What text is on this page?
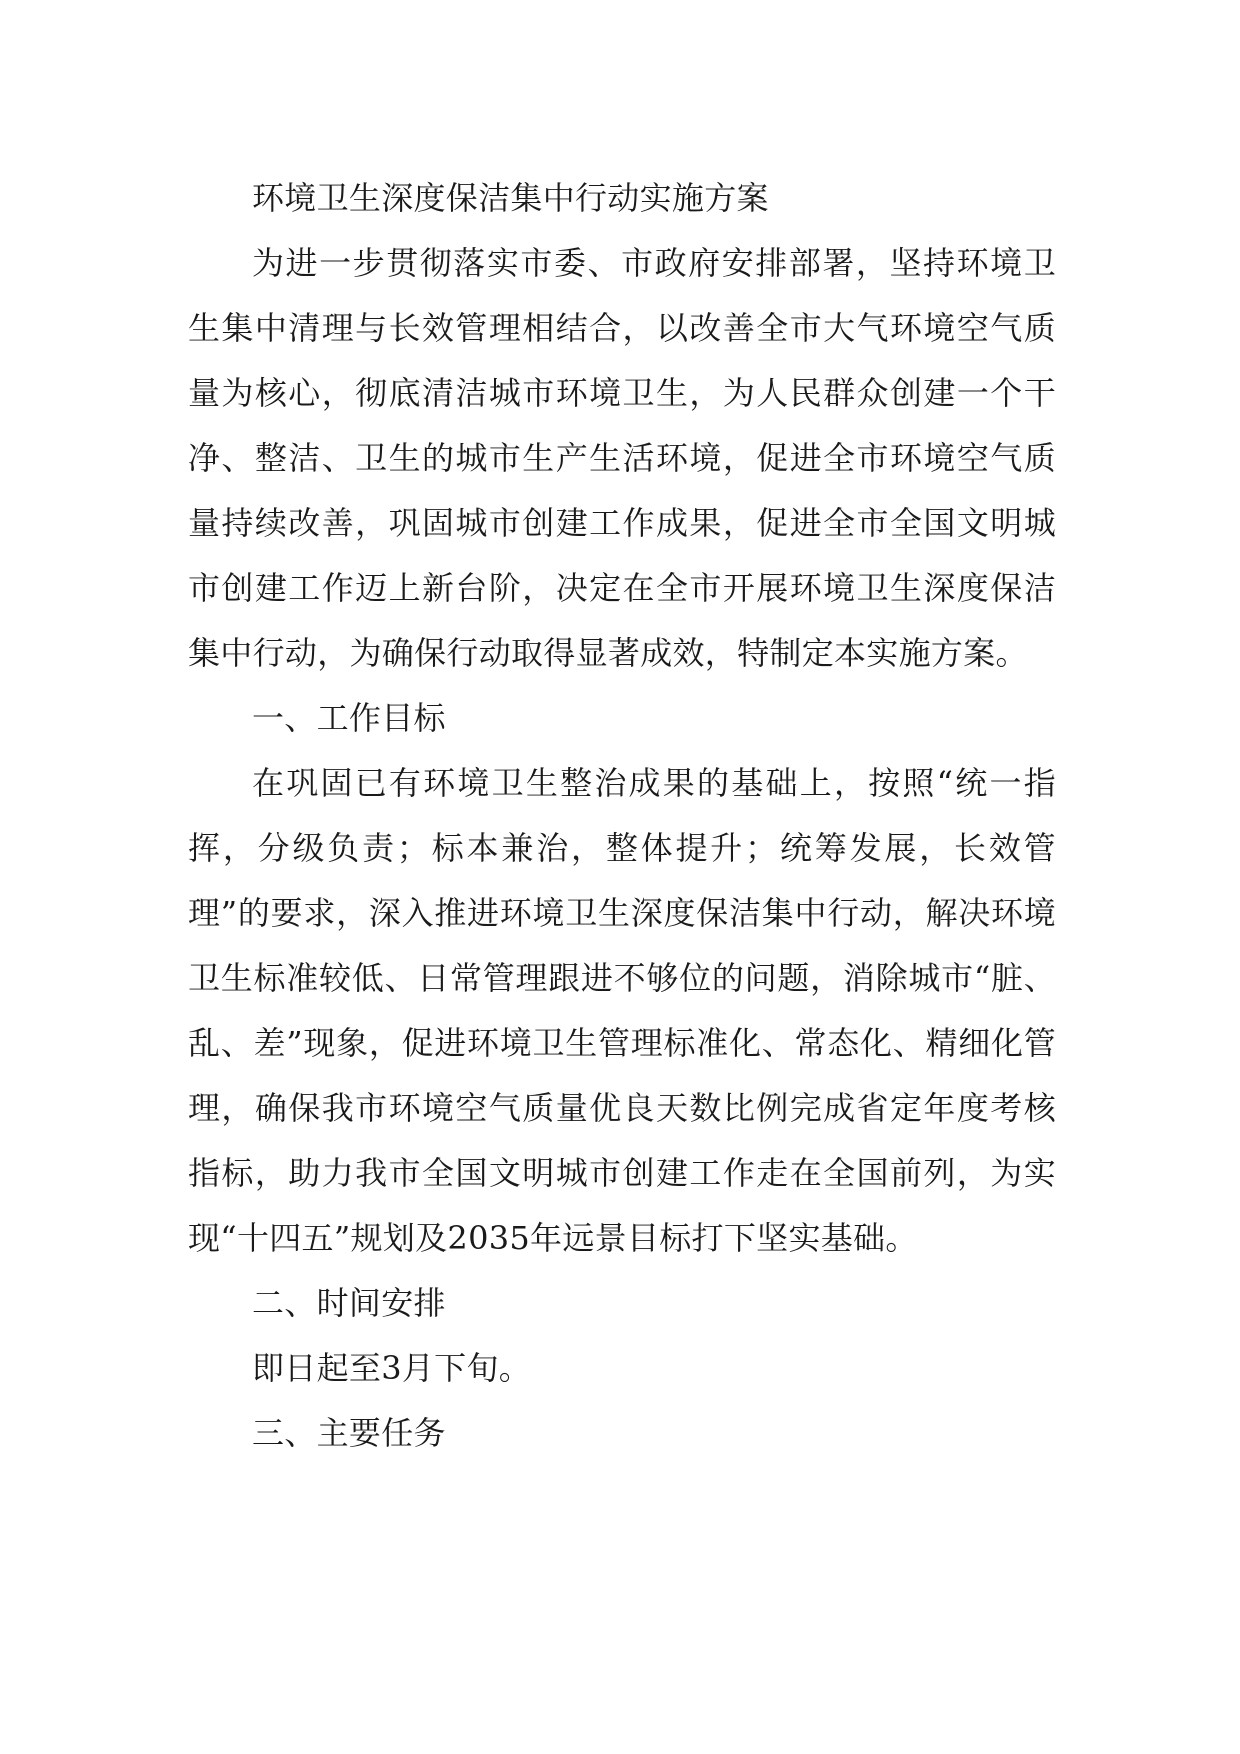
环境卫生深度保洁集中行动实施方案

为进一步贯彻落实市委、市政府安排部署，坚持环境卫生集中清理与长效管理相结合，以改善全市大气环境空气质量为核心，彻底清洁城市环境卫生，为人民群众创建一个干净、整洁、卫生的城市生产生活环境，促进全市环境空气质量持续改善，巩固城市创建工作成果，促进全市全国文明城市创建工作迈上新台阶，决定在全市开展环境卫生深度保洁集中行动，为确保行动取得显著成效，特制定本实施方案。

一、工作目标

在巩固已有环境卫生整治成果的基础上，按照“统一指挥，分级负责；标本兼治，整体提升；统筹发展，长效管理”的要求，深入推进环境卫生深度保洁集中行动，解决环境卫生标准较低、日常管理跟进不够位的问题，消除城市“脏、乱、差”现象，促进环境卫生管理标准化、常态化、精细化管理，确保我市环境空气质量优良天数比例完成省定年度考核指标，助力我市全国文明城市创建工作走在全国前列，为实现“十四五”规划及2035年远景目标打下坚实基础。

二、时间安排

即日起至3月下旬。

三、主要任务
